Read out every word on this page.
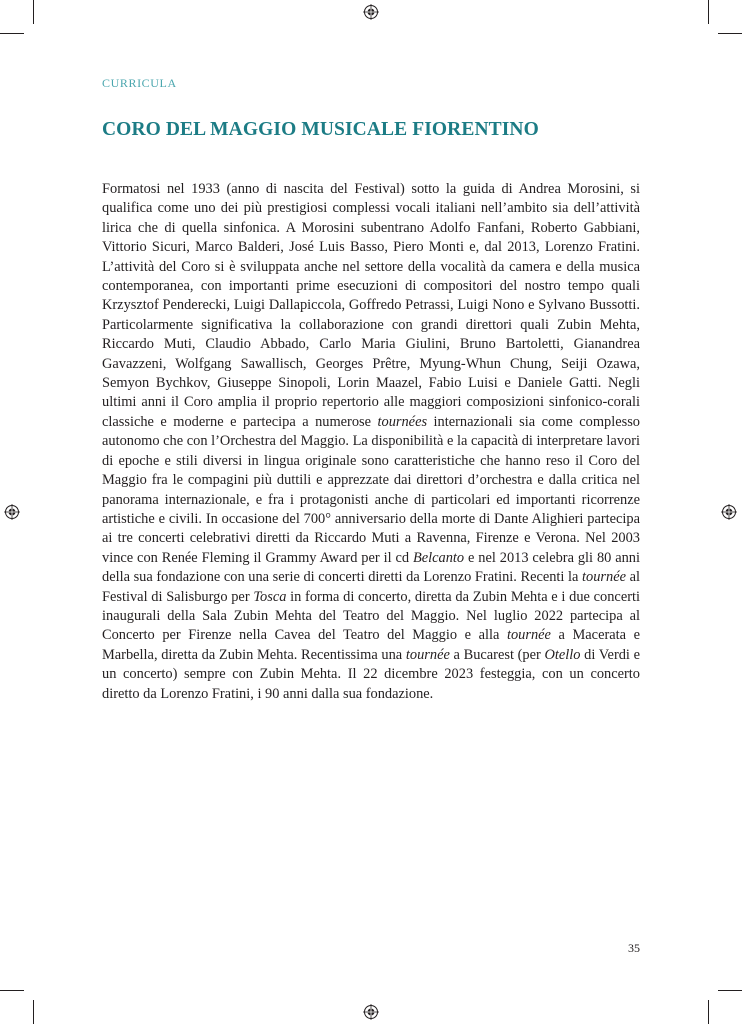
CURRICULA
CORO DEL MAGGIO MUSICALE FIORENTINO

Formatosi nel 1933 (anno di nascita del Festival) sotto la guida di Andrea Morosini, si qualifica come uno dei più prestigiosi complessi vocali italiani nell’ambito sia dell’attività lirica che di quella sinfonica. A Morosini subentrano Adolfo Fanfani, Roberto Gabbiani, Vittorio Sicuri, Marco Balderi, José Luis Basso, Piero Monti e, dal 2013, Lorenzo Fratini. L’attività del Coro si è sviluppata anche nel settore della vocalità da camera e della musica contemporanea, con importanti prime esecuzioni di compositori del nostro tempo quali Krzysztof Penderecki, Luigi Dallapiccola, Goffredo Petrassi, Luigi Nono e Sylvano Bussotti. Particolarmente significativa la collaborazione con grandi direttori quali Zubin Mehta, Riccardo Muti, Claudio Abbado, Carlo Maria Giulini, Bruno Bartoletti, Gianandrea Gavazzeni, Wolfgang Sawallisch, Georges Prêtre, Myung-Whun Chung, Seiji Ozawa, Semyon Bychkov, Giuseppe Sinopoli, Lorin Maazel, Fabio Luisi e Daniele Gatti. Negli ultimi anni il Coro amplia il proprio repertorio alle maggiori composizioni sinfonico-corali classiche e moderne e partecipa a numerose tournées internazionali sia come complesso autonomo che con l’Orchestra del Maggio. La disponibilità e la capacità di interpretare lavori di epoche e stili diversi in lingua originale sono caratteristiche che hanno reso il Coro del Maggio fra le compagini più duttili e apprezzate dai direttori d’orchestra e dalla critica nel panorama internazionale, e fra i protagonisti anche di particolari ed importanti ricorrenze artistiche e civili. In occasione del 700° anniversario della morte di Dante Alighieri partecipa ai tre concerti celebrativi diretti da Riccardo Muti a Ravenna, Firenze e Verona. Nel 2003 vince con Renée Fleming il Grammy Award per il cd Belcanto e nel 2013 celebra gli 80 anni della sua fondazione con una serie di concerti diretti da Lorenzo Fratini. Recenti la tournée al Festival di Salisburgo per Tosca in forma di concerto, diretta da Zubin Mehta e i due concerti inaugurali della Sala Zubin Mehta del Teatro del Maggio. Nel luglio 2022 partecipa al Concerto per Firenze nella Cavea del Teatro del Maggio e alla tournée a Macerata e Marbella, diretta da Zubin Mehta. Recentissima una tournée a Bucarest (per Otello di Verdi e un concerto) sempre con Zubin Mehta. Il 22 dicembre 2023 festeggia, con un concerto diretto da Lorenzo Fratini, i 90 anni dalla sua fondazione.

35
